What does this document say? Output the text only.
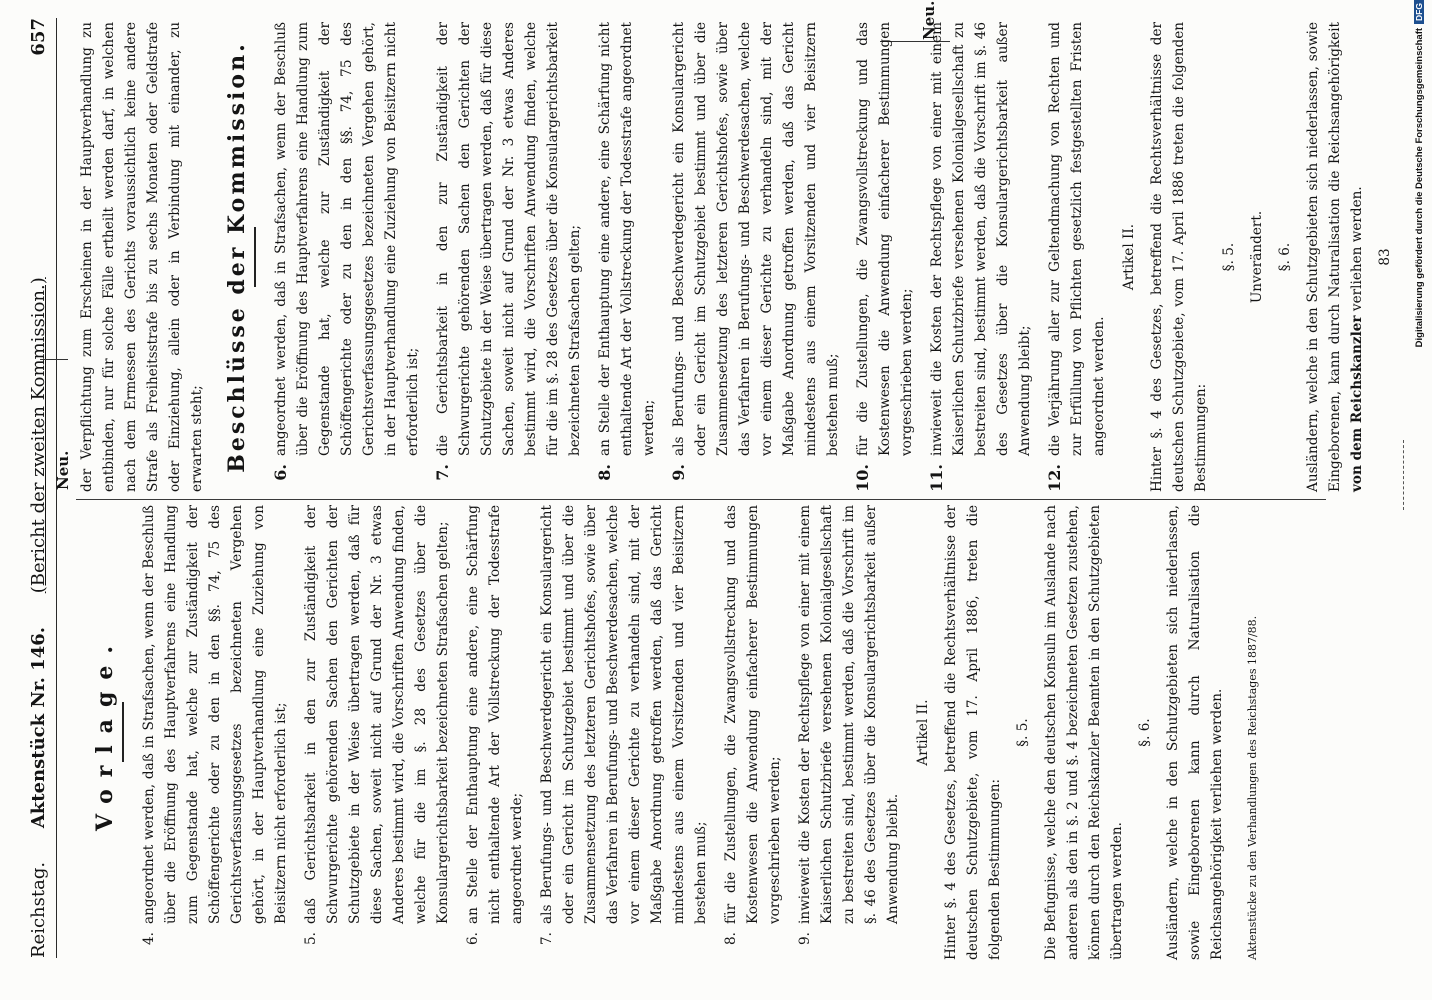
Reichstag. Aktenstück Nr. 146. (Bericht der zweiten Kommission.)
657
Neu.
Neu.
Vorlage.
4.
angeordnet werden, daß in Strafsachen, wenn der Beschluß über die Eröffnung des Hauptverfahrens eine Handlung zum Gegenstande hat, welche zur Zuständigkeit der Schöffengerichte oder zu den in den §§. 74, 75 des Gerichtsverfassungsgesetzes bezeichneten Vergehen gehört, in der Hauptverhandlung eine Zuziehung von Beisitzern nicht erforderlich ist;
5.
daß Gerichtsbarkeit in den zur Zuständigkeit der Schwurgerichte gehörenden Sachen den Gerichten der Schutzgebiete in der Weise übertragen werden, daß für diese Sachen, soweit nicht auf Grund der Nr. 3 etwas Anderes bestimmt wird, die Vorschriften Anwendung finden, welche für die im §. 28 des Gesetzes über die Konsulargerichtsbarkeit bezeichneten Strafsachen gelten;
6.
an Stelle der Enthauptung eine andere, eine Schärfung nicht enthaltende Art der Vollstreckung der Todesstrafe angeordnet werde;
7.
als Berufungs- und Beschwerdegericht ein Konsulargericht oder ein Gericht im Schutzgebiet bestimmt und über die Zusammensetzung des letzteren Gerichtshofes, sowie über das Verfahren in Berufungs- und Beschwerdesachen, welche vor einem dieser Gerichte zu verhandeln sind, mit der Maßgabe Anordnung getroffen werden, daß das Gericht mindestens aus einem Vorsitzenden und vier Beisitzern bestehen muß;
8.
für die Zustellungen, die Zwangsvollstreckung und das Kostenwesen die Anwendung einfacherer Bestimmungen vorgeschrieben werden;
9.
inwieweit die Kosten der Rechtspflege von einer mit einem Kaiserlichen Schutzbriefe versehenen Kolonialgesellschaft zu bestreiten sind, bestimmt werden, daß die Vorschrift im §. 46 des Gesetzes über die Konsulargerichtsbarkeit außer Anwendung bleibt.
Artikel II. Hinter §. 4 des Gesetzes, betreffend die Rechtsverhältnisse der deutschen Schutzgebiete, vom 17. April 1886, treten die folgenden Bestimmungen:
§. 5. Die Befugnisse, welche den deutschen Konsuln im Auslande nach anderen als den in §. 2 und §. 4 bezeichneten Gesetzen zustehen, können durch den Reichskanzler Beamten in den Schutzgebieten übertragen werden.
§. 6. Ausländern, welche in den Schutzgebieten sich niederlassen, sowie Eingeborenen kann durch Naturalisation die Reichsangehörigkeit verliehen werden.	Aktenstücke zu den Verhandlungen des Reichstages 1887/88.
der Verpflichtung zum Erscheinen in der Hauptverhandlung zu entbinden, nur für solche Fälle ertheilt werden darf, in welchen nach dem Ermessen des Gerichts voraussichtlich keine andere Strafe als Freiheitsstrafe bis zu sechs Monaten oder Geldstrafe oder Einziehung, allein oder in Verbindung mit einander, zu erwarten steht; Beschlüsse der Kommission. 6.
angeordnet werden, daß in Strafsachen, wenn der Beschluß über die Eröffnung des Hauptverfahrens eine Handlung zum Gegenstande hat, welche zur Zuständigkeit der Schöffengerichte oder zu den in den §§. 74, 75 des Gerichtsverfassungsgesetzes bezeichneten Vergehen gehört, in der Hauptverhandlung eine Zuziehung von Beisitzern nicht erforderlich ist;
7.
die Gerichtsbarkeit in den zur Zuständigkeit der Schwurgerichte gehörenden Sachen den Gerichten der Schutzgebiete in der Weise übertragen werden, daß für diese Sachen, soweit nicht auf Grund der Nr. 3 etwas Anderes bestimmt wird, die Vorschriften Anwendung finden, welche für die im §. 28 des Gesetzes über die Konsulargerichtsbarkeit bezeichneten Strafsachen gelten;
8.
an Stelle der Enthauptung eine andere, eine Schärfung nicht enthaltende Art der Vollstreckung der Todesstrafe angeordnet werden;
9.
als Berufungs- und Beschwerdegericht ein Konsulargericht oder ein Gericht im Schutzgebiet bestimmt und über die Zusammensetzung des letzteren Gerichtshofes, sowie über das Verfahren in Berufungs- und Beschwerdesachen, welche vor einem dieser Gerichte zu verhandeln sind, mit der Maßgabe Anordnung getroffen werden, daß das Gericht mindestens aus einem Vorsitzenden und vier Beisitzern bestehen muß;
10.
für die Zustellungen, die Zwangsvollstreckung und das Kostenwesen die Anwendung einfacherer Bestimmungen vorgeschrieben werden;
11.
inwieweit die Kosten der Rechtspflege von einer mit einem Kaiserlichen Schutzbriefe versehenen Kolonialgesellschaft zu bestreiten sind, bestimmt werden, daß die Vorschrift im §. 46 des Gesetzes über die Konsulargerichtsbarkeit außer Anwendung bleibt;
12.
die Verjährung aller zur Geltendmachung von Rechten und zur Erfüllung von Pflichten gesetzlich festgestellten Fristen angeordnet werden.
Artikel II. Hinter §. 4 des Gesetzes, betreffend die Rechtsverhältnisse der deutschen Schutzgebiete, vom 17. April 1886 treten die folgenden Bestimmungen:
§. 5. Unverändert. §. 6. Ausländern, welche in den Schutzgebieten sich niederlassen, sowie Eingeborenen, kann durch Naturalisation die Reichsangehörigkeit von dem Reichskanzler verliehen werden. 83	Digitalisierung gefördert durch die Deutsche ForschungsgemeinschaftDFG
